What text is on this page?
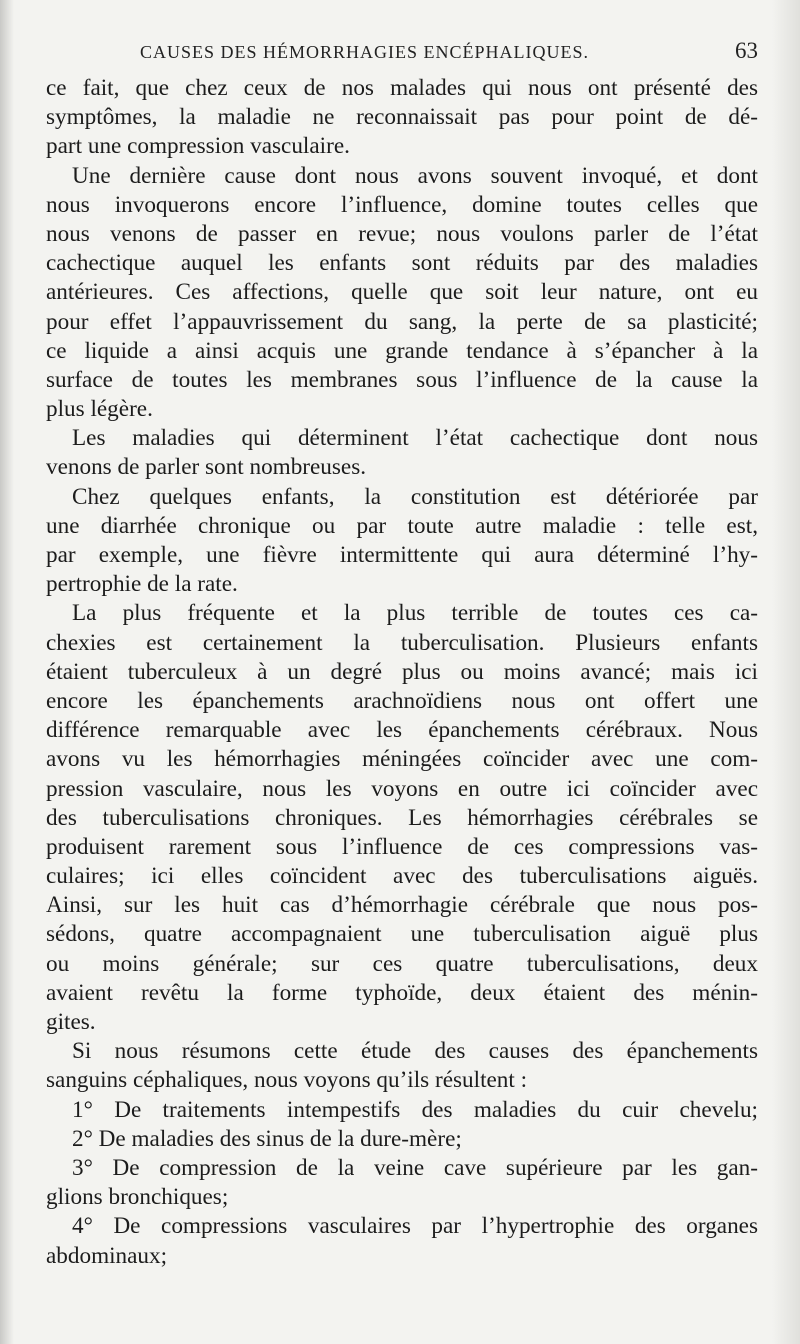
CAUSES DES HÉMORRHAGIES ENCÉPHALIQUES.	63
ce fait, que chez ceux de nos malades qui nous ont présenté des
symptômes, la maladie ne reconnaissait pas pour point de dé-
part une compression vasculaire.
Une dernière cause dont nous avons souvent invoqué, et dont
nous invoquerons encore l’influence, domine toutes celles que
nous venons de passer en revue; nous voulons parler de l’état
cachectique auquel les enfants sont réduits par des maladies
antérieures. Ces affections, quelle que soit leur nature, ont eu
pour effet l’appauvrissement du sang, la perte de sa plasticité;
ce liquide a ainsi acquis une grande tendance à s’épancher à la
surface de toutes les membranes sous l’influence de la cause la
plus légère.
Les maladies qui déterminent l’état cachectique dont nous
venons de parler sont nombreuses.
Chez quelques enfants, la constitution est détériorée par
une diarrhée chronique ou par toute autre maladie : telle est,
par exemple, une fièvre intermittente qui aura déterminé l’hy-
pertrophie de la rate.
La plus fréquente et la plus terrible de toutes ces ca-
chexies est certainement la tuberculisation. Plusieurs enfants
étaient tuberculeux à un degré plus ou moins avancé; mais ici
encore les épanchements arachnoïdiens nous ont offert une
différence remarquable avec les épanchements cérébraux. Nous
avons vu les hémorrhagies méningées coïncider avec une com-
pression vasculaire, nous les voyons en outre ici coïncider avec
des tuberculisations chroniques. Les hémorrhagies cérébrales se
produisent rarement sous l’influence de ces compressions vas-
culaires; ici elles coïncident avec des tuberculisations aiguës.
Ainsi, sur les huit cas d’hémorrhagie cérébrale que nous pos-
sédons, quatre accompagnaient une tuberculisation aiguë plus
ou moins générale; sur ces quatre tuberculisations, deux
avaient revêtu la forme typhoïde, deux étaient des ménin-
gites.
Si nous résumons cette étude des causes des épanchements
sanguins céphaliques, nous voyons qu’ils résultent :
1° De traitements intempestifs des maladies du cuir chevelu;
2° De maladies des sinus de la dure-mère;
3° De compression de la veine cave supérieure par les gan-
glions bronchiques;
4° De compressions vasculaires par l’hypertrophie des organes
abdominaux;
